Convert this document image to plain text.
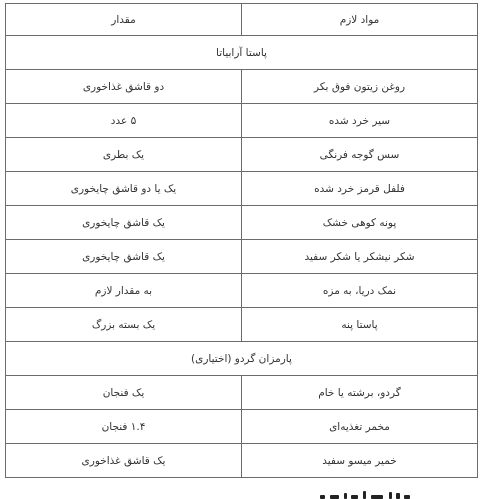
مواد لازم	مقدار
پاستا آرابیاتا	
روغن زیتون فوق بکر	دو قاشق غذاخوری
سیر خرد شده	۵ عدد
سس گوجه فرنگی	یک بطری
فلفل قرمز خرد شده	یک یا دو قاشق چایخوری
پونه کوهی خشک	یک قاشق چایخوری
شکر نیشکر یا شکر سفید	یک قاشق چایخوری
نمک دریا، به مزه	به مقدار لازم
پاستا پنه	یک بسته بزرگ
پارمزان گردو (اختیاری)	
گردو، برشته یا خام	یک فنجان
مخمر تغذیه‌ای	۱.۴ فنجان
خمیر میسو سفید	یک قاشق غذاخوری
